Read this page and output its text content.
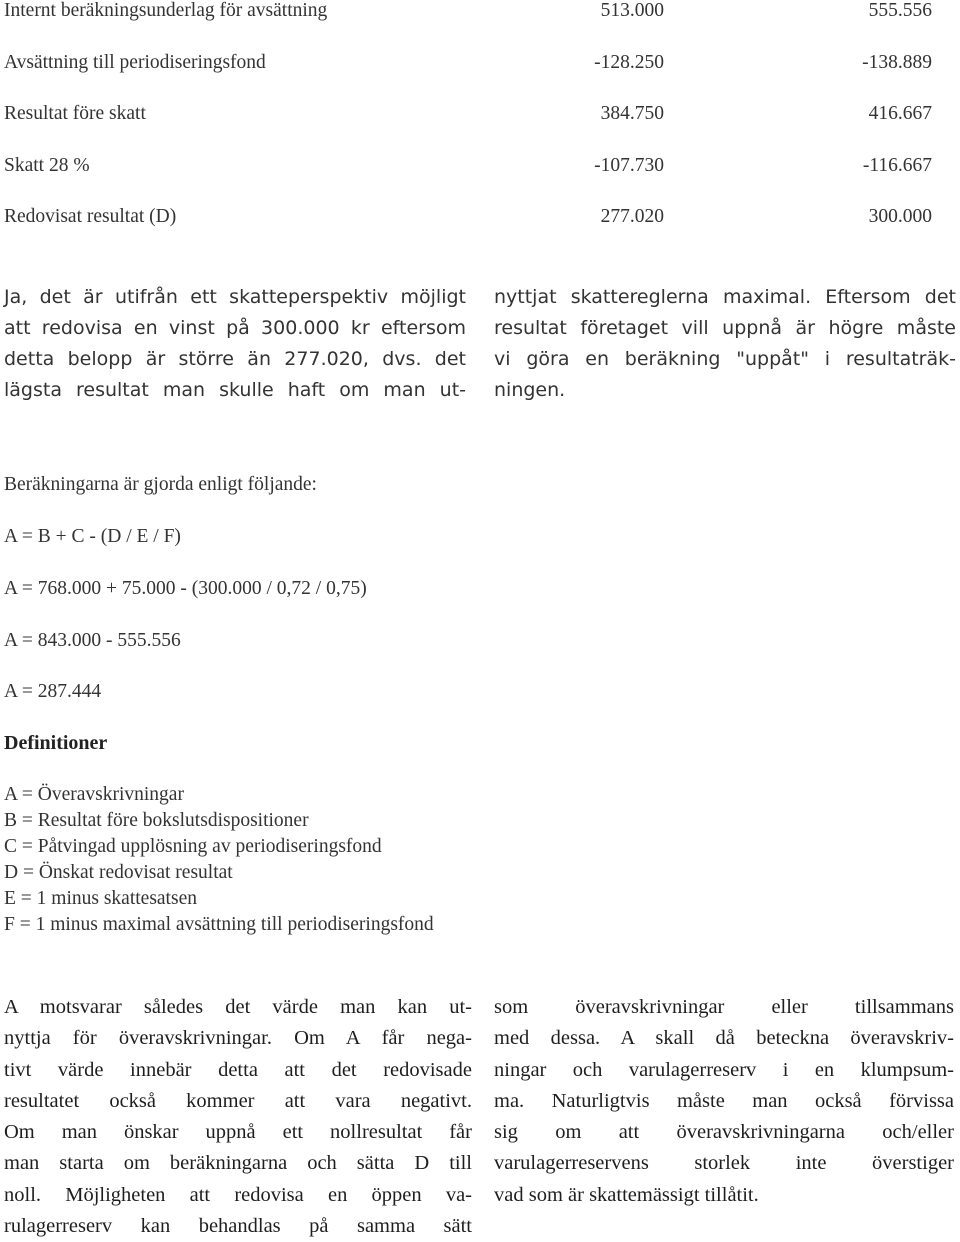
Internt beräkningsunderlag för avsättning	513.000	555.556
Avsättning till periodiseringsfond	-128.250	-138.889
Resultat före skatt	384.750	416.667
Skatt 28 %	-107.730	-116.667
Redovisat resultat (D)	277.020	300.000
Ja, det är utifrån ett skatteperspektiv möjligt
att redovisa en vinst på 300.000 kr eftersom
detta belopp är större än 277.020, dvs. det
lägsta resultat man skulle haft om man ut-
nyttjat skattereglerna maximal. Eftersom det
resultat företaget vill uppnå är högre måste
vi göra en beräkning "uppåt" i resultaträk-
ningen.
Beräkningarna är gjorda enligt följande:
A = B + C - (D / E / F)
A = 768.000 + 75.000 - (300.000 / 0,72 / 0,75)
A = 843.000 - 555.556
A = 287.444
Definitioner
A = Överavskrivningar
B = Resultat före bokslutsdispositioner
C = Påtvingad upplösning av periodiseringsfond
D = Önskat redovisat resultat
E = 1 minus skattesatsen
F = 1 minus maximal avsättning till periodiseringsfond
A motsvarar således det värde man kan ut-
nyttja för överavskrivningar. Om A får nega-
tivt värde innebär detta att det redovisade
resultatet också kommer att vara negativt.
Om man önskar uppnå ett nollresultat får
man starta om beräkningarna och sätta D till
noll. Möjligheten att redovisa en öppen va-
rulagerreserv kan behandlas på samma sätt
som överavskrivningar eller tillsammans
med dessa. A skall då beteckna överavskriv-
ningar och varulagerreserv i en klumpsum-
ma. Naturligtvis måste man också förvissa
sig om att överavskrivningarna och/eller
varulagerreservens storlek inte överstiger
vad som är skattemässigt tillåtit.
